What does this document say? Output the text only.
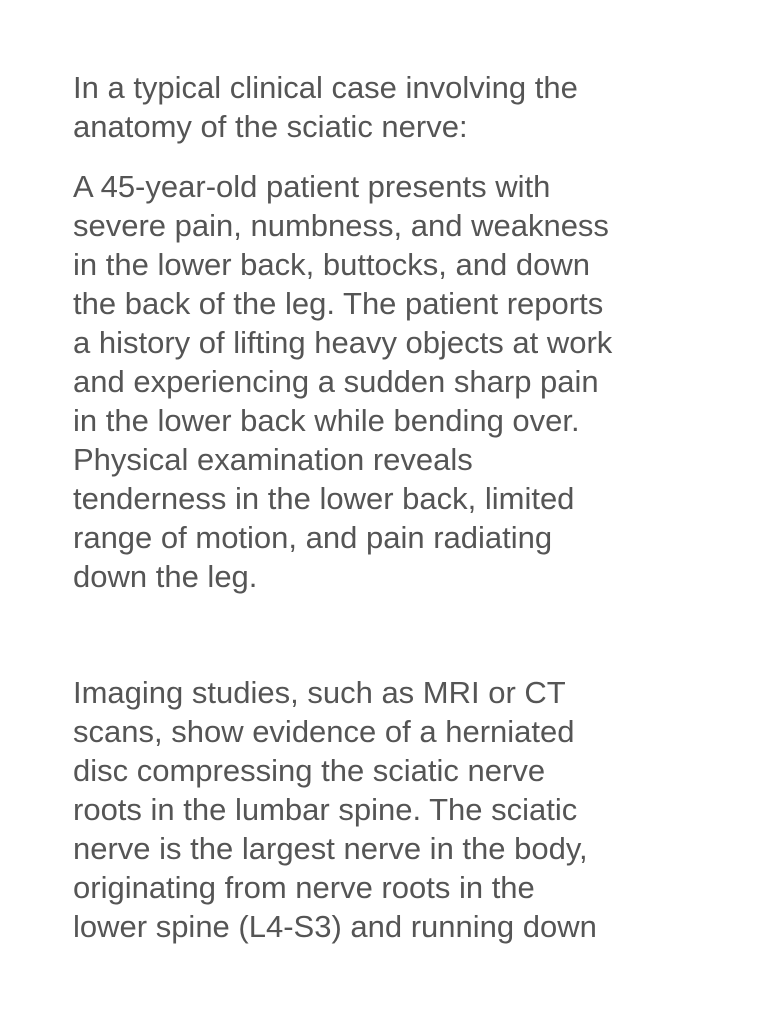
In a typical clinical case involving the
anatomy of the sciatic nerve:

A 45-year-old patient presents with
severe pain, numbness, and weakness
in the lower back, buttocks, and down
the back of the leg. The patient reports
a history of lifting heavy objects at work
and experiencing a sudden sharp pain
in the lower back while bending over.
Physical examination reveals
tenderness in the lower back, limited
range of motion, and pain radiating
down the leg.

Imaging studies, such as MRI or CT
scans, show evidence of a herniated
disc compressing the sciatic nerve
roots in the lumbar spine. The sciatic
nerve is the largest nerve in the body,
originating from nerve roots in the
lower spine (L4-S3) and running down
